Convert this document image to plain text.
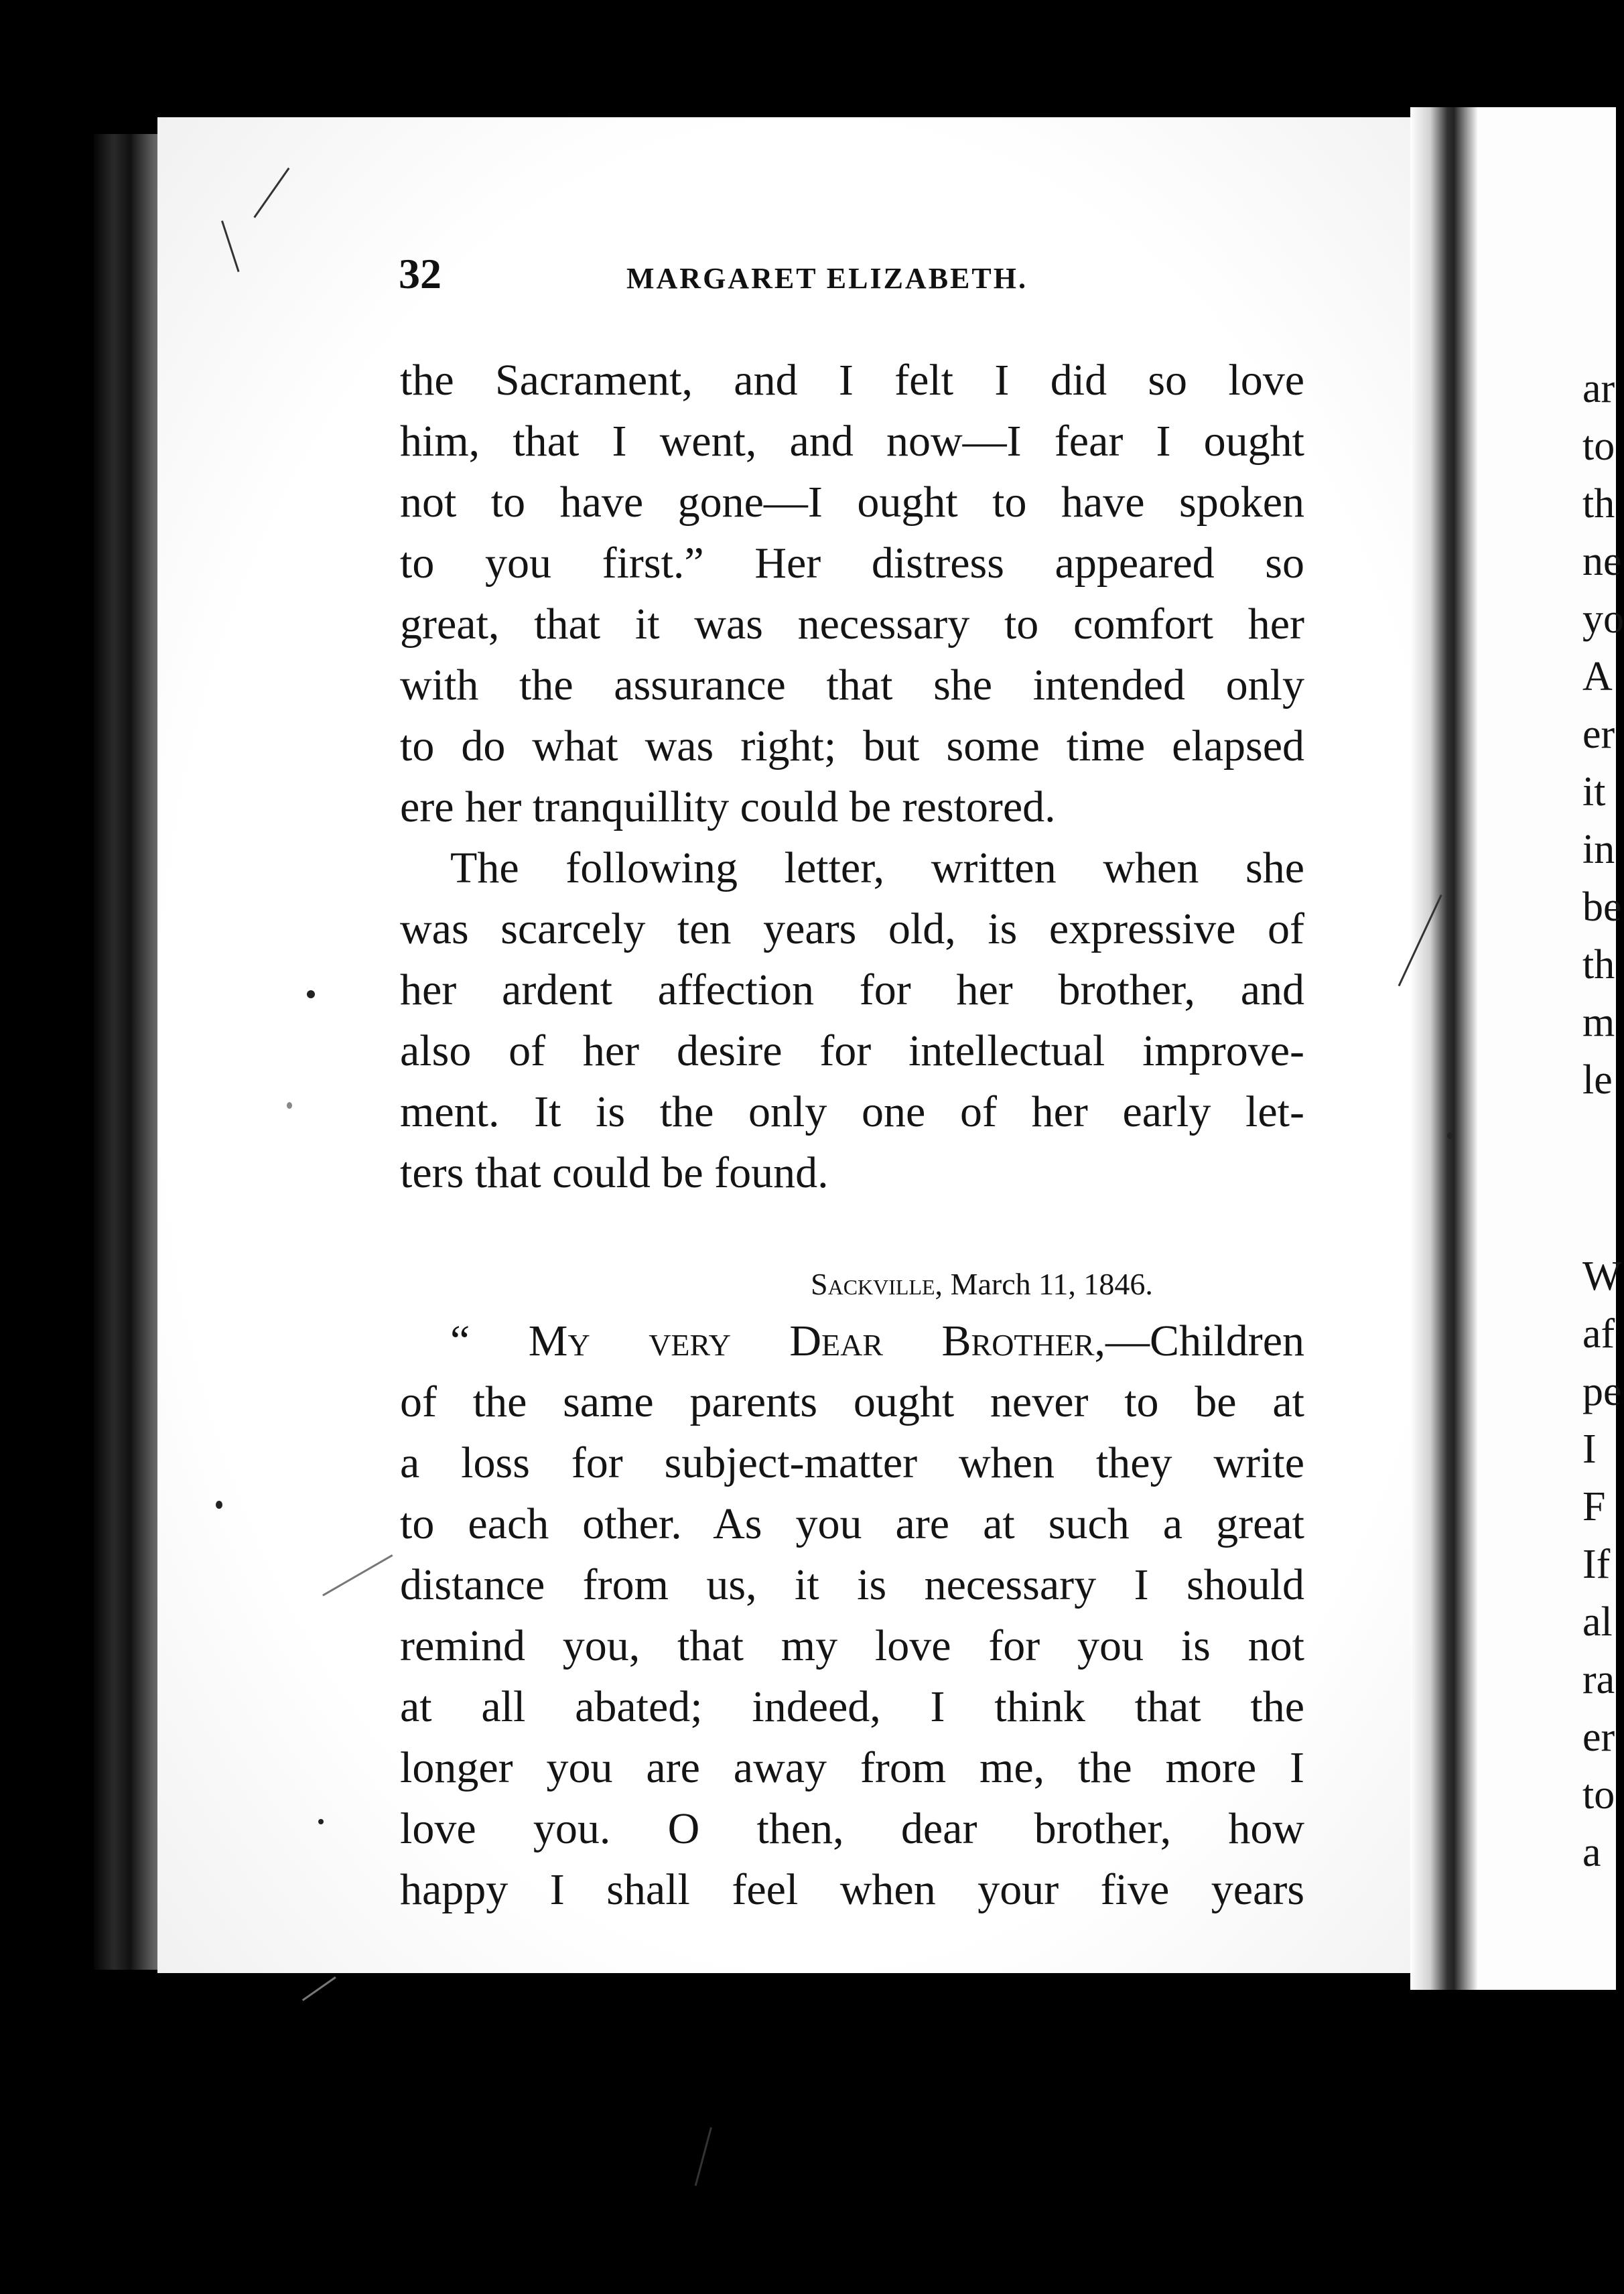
32	MARGARET ELIZABETH.
the Sacrament, and I felt I did so love
him, that I went, and now—I fear I ought
not to have gone—I ought to have spoken
to you first.” Her distress appeared so
great, that it was necessary to comfort her
with the assurance that she intended only
to do what was right; but some time elapsed
ere her tranquillity could be restored.
The following letter, written when she
was scarcely ten years old, is expressive of
her ardent affection for her brother, and
also of her desire for intellectual improve-
ment. It is the only one of her early let-
ters that could be found.
Sackville, March 11, 1846.
“ My very Dear Brother,—Children
of the same parents ought never to be at
a loss for subject-matter when they write
to each other. As you are at such a great
distance from us, it is necessary I should
remind you, that my love for you is not
at all abated; indeed, I think that the
longer you are away from me, the more I
love you. O then, dear brother, how
happy I shall feel when your five years
ar
to
th
ne
yo
A
er
it
in
be
th
m
le
W
af
pe
I
F
If
al
ra
er
to
a
